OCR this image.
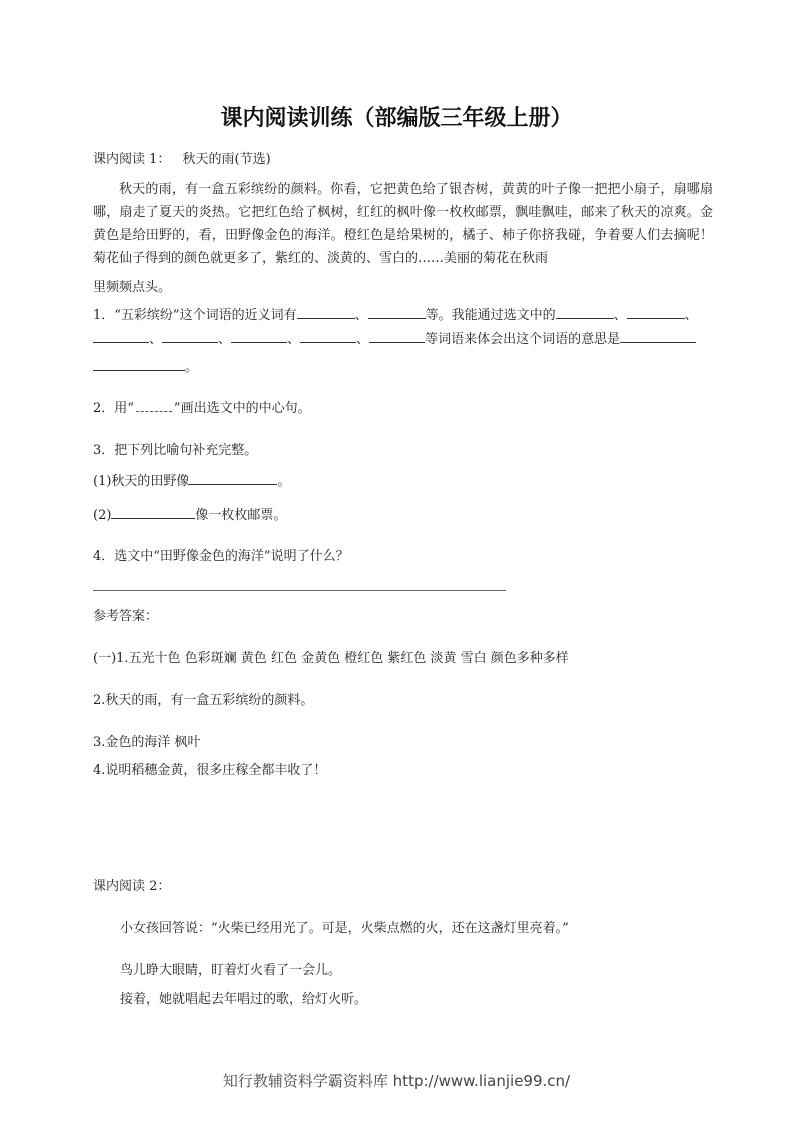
课内阅读训练（部编版三年级上册）
课内阅读 1： 秋天的雨(节选)
秋天的雨，有一盒五彩缤纷的颜料。你看，它把黄色给了银杏树，黄黄的叶子像一把把小扇子，扇哪扇哪，扇走了夏天的炎热。它把红色给了枫树，红红的枫叶像一枚枚邮票，飘哇飘哇，邮来了秋天的凉爽。金黄色是给田野的，看，田野像金色的海洋。橙红色是给果树的，橘子、柿子你挤我碰，争着要人们去摘呢！菊花仙子得到的颜色就更多了，紫红的、淡黄的、雪白的……美丽的菊花在秋雨
里频频点头。
1．“五彩缤纷”这个词语的近义词有	、	等。我能通过选文中的	、	、
、	、	、	、	等词语来体会出这个词语的意思是
。
2．用“	”画出选文中的中心句。
3．把下列比喻句补充完整。
(1)秋天的田野像	。
(2)	像一枚枚邮票。
4．选文中“田野像金色的海洋”说明了什么？
参考答案：
(一)1.五光十色 色彩斑斓 黄色 红色 金黄色 橙红色 紫红色 淡黄 雪白 颜色多种多样
2.秋天的雨，有一盒五彩缤纷的颜料。
3.金色的海洋 枫叶
4.说明稻穗金黄，很多庄稼全都丰收了！
课内阅读 2：
小女孩回答说：“火柴已经用光了。可是，火柴点燃的火，还在这盏灯里亮着。”
鸟儿睁大眼睛，盯着灯火看了一会儿。
接着，她就唱起去年唱过的歌，给灯火听。
知行教辅资料学霸资料库 http://www.lianjie99.cn/
